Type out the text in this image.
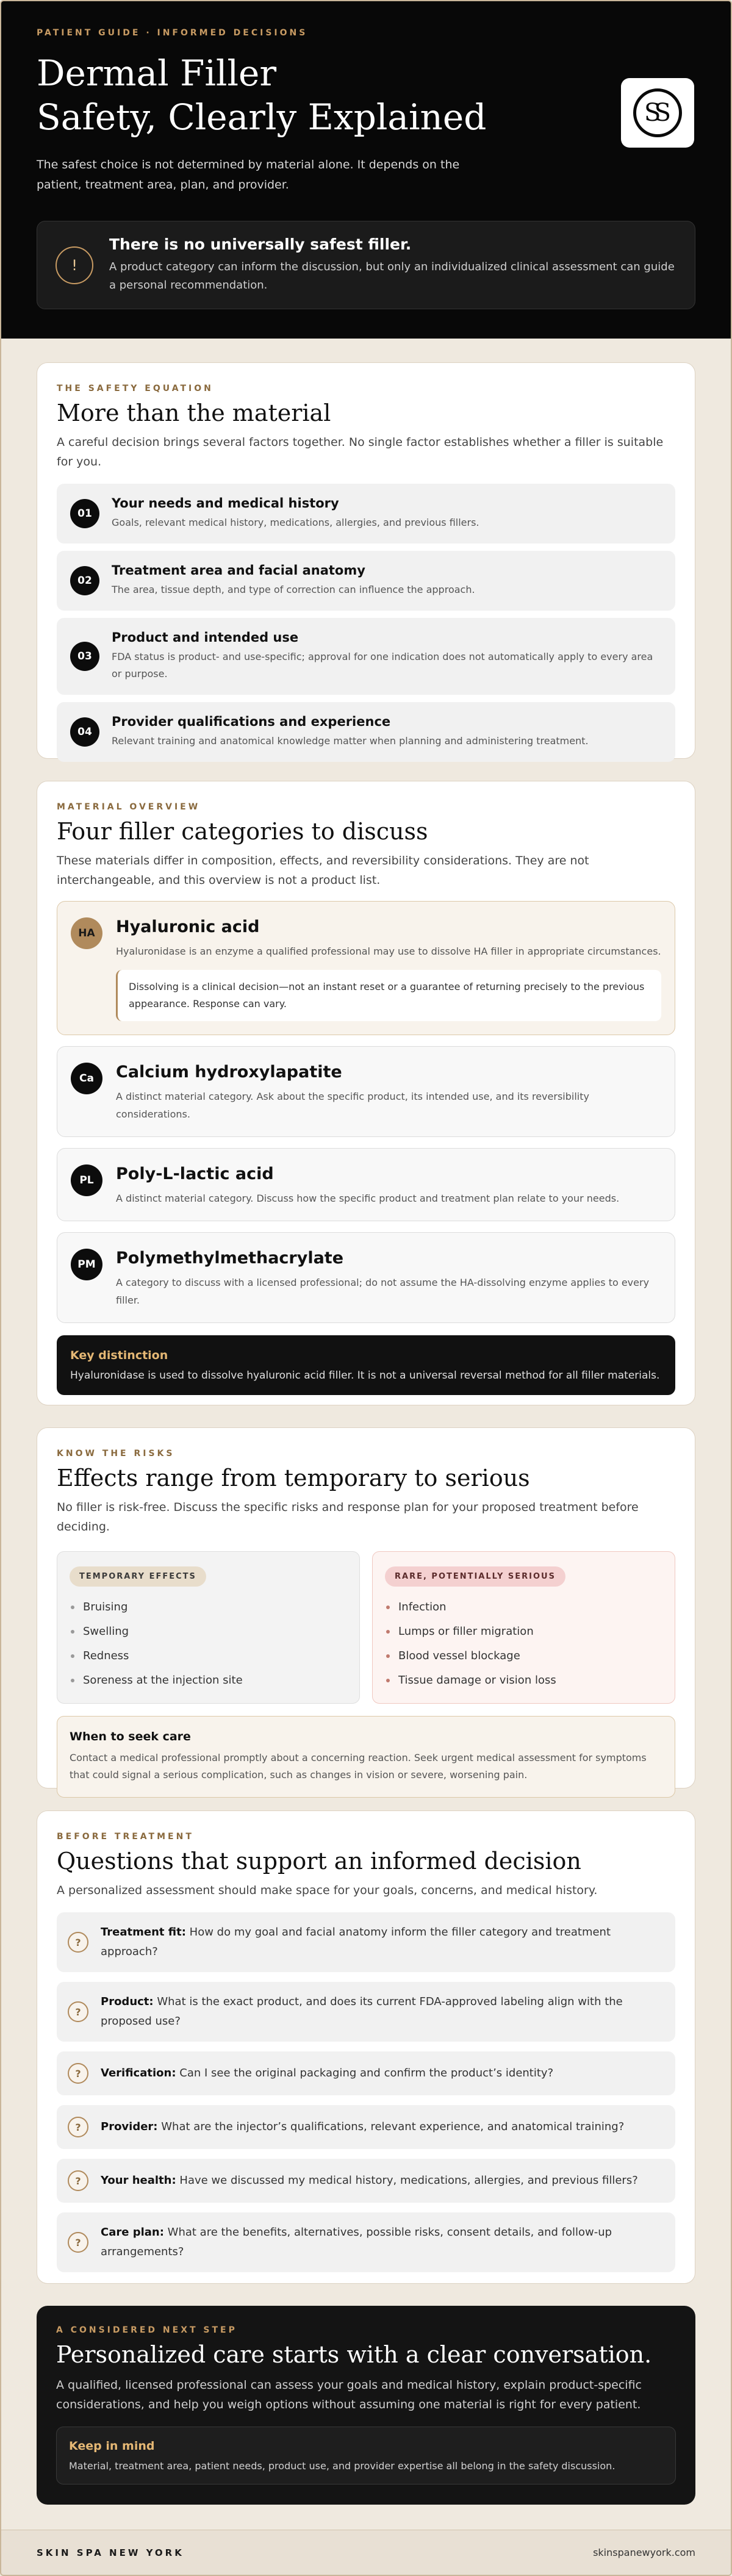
PATIENT GUIDE · INFORMED DECISIONS
Dermal Filler
Safety, Clearly Explained

The safest choice is not determined by material alone. It depends on the patient, treatment area, plan, and provider.

SS
!
There is no universally safest filler.
A product category can inform the discussion, but only an individualized clinical assessment can guide a personal recommendation.
THE SAFETY EQUATION
More than the material

A careful decision brings several factors together. No single factor establishes whether a filler is suitable for you.

01
Your needs and medical history
Goals, relevant medical history, medications, allergies, and previous fillers.
02
Treatment area and facial anatomy
The area, tissue depth, and type of correction can influence the approach.
03
Product and intended use
FDA status is product- and use-specific; approval for one indication does not automatically apply to every area or purpose.
04
Provider qualifications and experience
Relevant training and anatomical knowledge matter when planning and administering treatment.
MATERIAL OVERVIEW
Four filler categories to discuss

These materials differ in composition, effects, and reversibility considerations. They are not interchangeable, and this overview is not a product list.

HA	Hyaluronic acid
Hyaluronidase is an enzyme a qualified professional may use to dissolve HA filler in appropriate circumstances.
Dissolving is a clinical decision—not an instant reset or a guarantee of returning precisely to the previous appearance. Response can vary.
Ca	Calcium hydroxylapatite
A distinct material category. Ask about the specific product, its intended use, and its reversibility considerations.
PL	Poly-L-lactic acid
A distinct material category. Discuss how the specific product and treatment plan relate to your needs.
PM	Polymethylmethacrylate
A category to discuss with a licensed professional; do not assume the HA-dissolving enzyme applies to every filler.
Key distinction
Hyaluronidase is used to dissolve hyaluronic acid filler. It is not a universal reversal method for all filler materials.
KNOW THE RISKS
Effects range from temporary to serious

No filler is risk-free. Discuss the specific risks and response plan for your proposed treatment before deciding.

TEMPORARY EFFECTS
Bruising
Swelling
Redness
Soreness at the injection site
RARE, POTENTIALLY SERIOUS
Infection
Lumps or filler migration
Blood vessel blockage
Tissue damage or vision loss
When to seek care
Contact a medical professional promptly about a concerning reaction. Seek urgent medical assessment for symptoms that could signal a serious complication, such as changes in vision or severe, worsening pain.
BEFORE TREATMENT
Questions that support an informed decision

A personalized assessment should make space for your goals, concerns, and medical history.

?
Treatment fit: How do my goal and facial anatomy inform the filler category and treatment approach?
?
Product: What is the exact product, and does its current FDA-approved labeling align with the proposed use?
?	Verification: Can I see the original packaging and confirm the product’s identity?
?	Provider: What are the injector’s qualifications, relevant experience, and anatomical training?
?	Your health: Have we discussed my medical history, medications, allergies, and previous fillers?
?
Care plan: What are the benefits, alternatives, possible risks, consent details, and follow-up arrangements?
A CONSIDERED NEXT STEP
Personalized care starts with a clear conversation.

A qualified, licensed professional can assess your goals and medical history, explain product-specific considerations, and help you weigh options without assuming one material is right for every patient.

Keep in mind
Material, treatment area, patient needs, product use, and provider expertise all belong in the safety discussion.
SKIN SPA NEW YORK	skinspanewyork.com
